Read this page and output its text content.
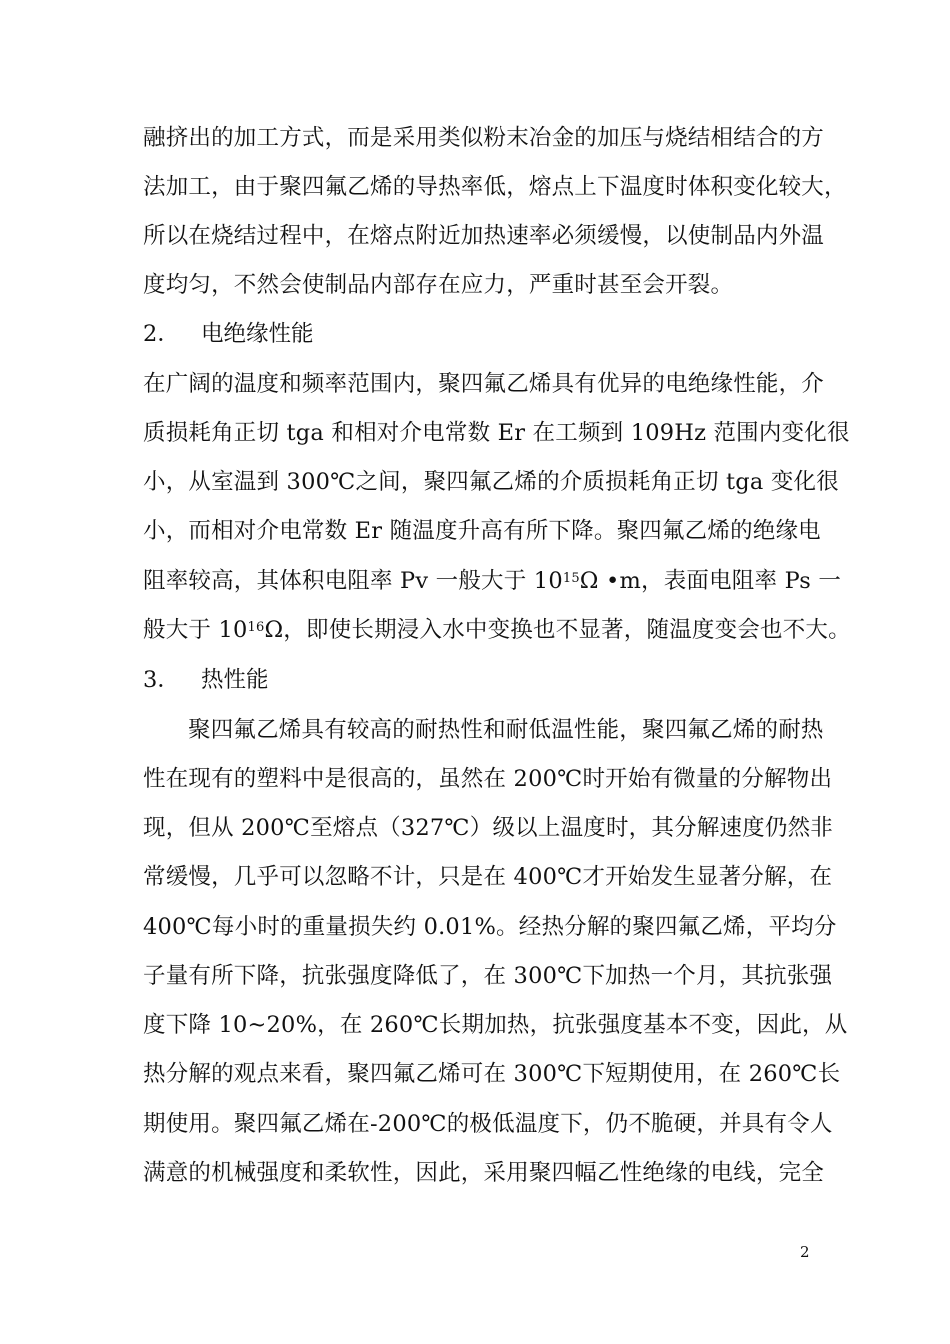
融挤出的加工方式，而是采用类似粉末冶金的加压与烧结相结合的方
法加工，由于聚四氟乙烯的导热率低，熔点上下温度时体积变化较大，
所以在烧结过程中，在熔点附近加热速率必须缓慢，以使制品内外温
度均匀，不然会使制品内部存在应力，严重时甚至会开裂。
2． 电绝缘性能
在广阔的温度和频率范围内，聚四氟乙烯具有优异的电绝缘性能，介
质损耗角正切 tga 和相对介电常数 Er 在工频到 109Hz 范围内变化很
小，从室温到 300℃之间，聚四氟乙烯的介质损耗角正切 tga 变化很
小，而相对介电常数 Er 随温度升高有所下降。聚四氟乙烯的绝缘电
阻率较高，其体积电阻率 Pv 一般大于 $10^{15}\Omega$ •m，表面电阻率 Ps 一
般大于 $10^{16}\Omega$，即使长期浸入水中变换也不显著，随温度变会也不大。
3． 热性能
聚四氟乙烯具有较高的耐热性和耐低温性能，聚四氟乙烯的耐热
性在现有的塑料中是很高的，虽然在 200℃时开始有微量的分解物出
现，但从 200℃至熔点（327℃）级以上温度时，其分解速度仍然非
常缓慢，几乎可以忽略不计，只是在 400℃才开始发生显著分解，在
400℃每小时的重量损失约 0.01%。经热分解的聚四氟乙烯，平均分
子量有所下降，抗张强度降低了，在 300℃下加热一个月，其抗张强
度下降 10~20%，在 260℃长期加热，抗张强度基本不变，因此，从
热分解的观点来看，聚四氟乙烯可在 300℃下短期使用，在 260℃长
期使用。聚四氟乙烯在-200℃的极低温度下，仍不脆硬，并具有令人
满意的机械强度和柔软性，因此，采用聚四幅乙性绝缘的电线，完全
2
